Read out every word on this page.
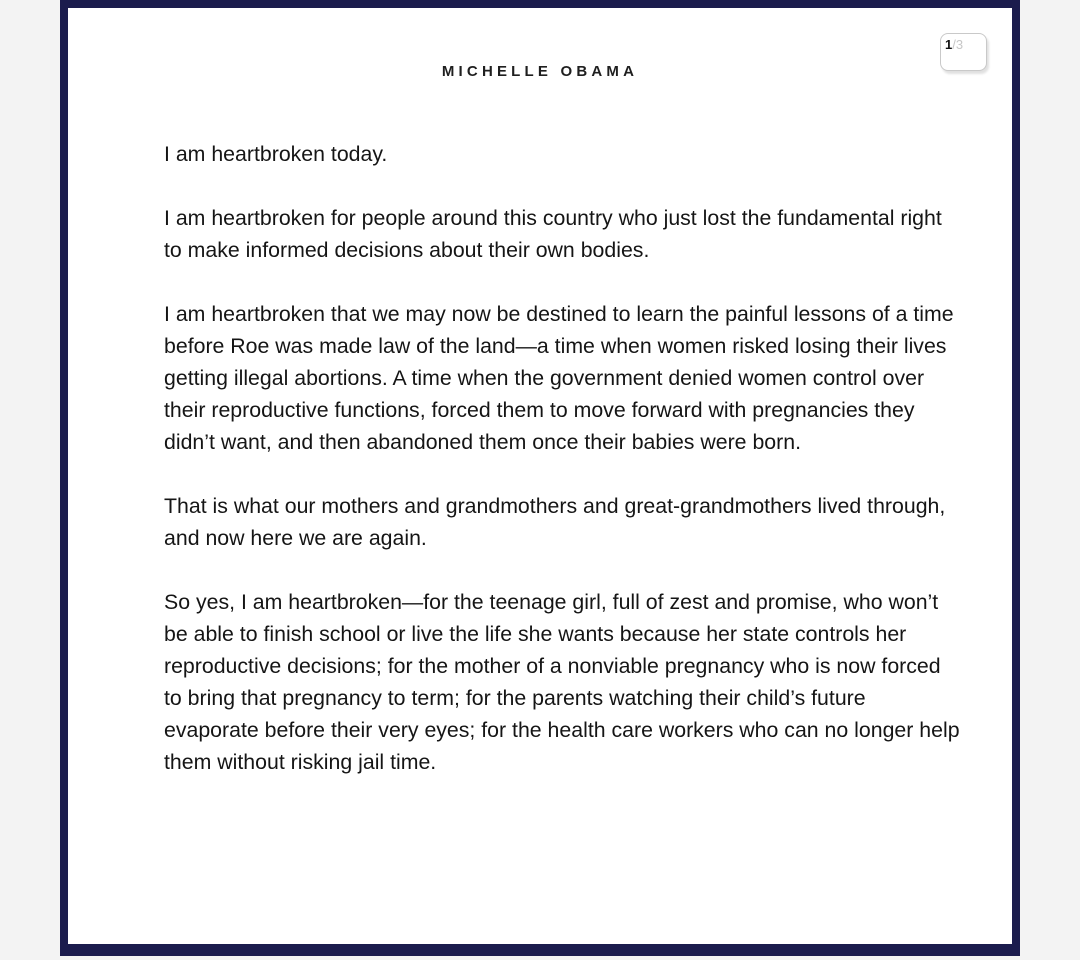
MICHELLE OBAMA

I am heartbroken today.

I am heartbroken for people around this country who just lost the fundamental right to make informed decisions about their own bodies.

I am heartbroken that we may now be destined to learn the painful lessons of a time before Roe was made law of the land—a time when women risked losing their lives getting illegal abortions. A time when the government denied women control over their reproductive functions, forced them to move forward with pregnancies they didn’t want, and then abandoned them once their babies were born.

That is what our mothers and grandmothers and great-grandmothers lived through, and now here we are again.

So yes, I am heartbroken—for the teenage girl, full of zest and promise, who won’t be able to finish school or live the life she wants because her state controls her reproductive decisions; for the mother of a nonviable pregnancy who is now forced to bring that pregnancy to term; for the parents watching their child’s future evaporate before their very eyes; for the health care workers who can no longer help them without risking jail time.

1/3
